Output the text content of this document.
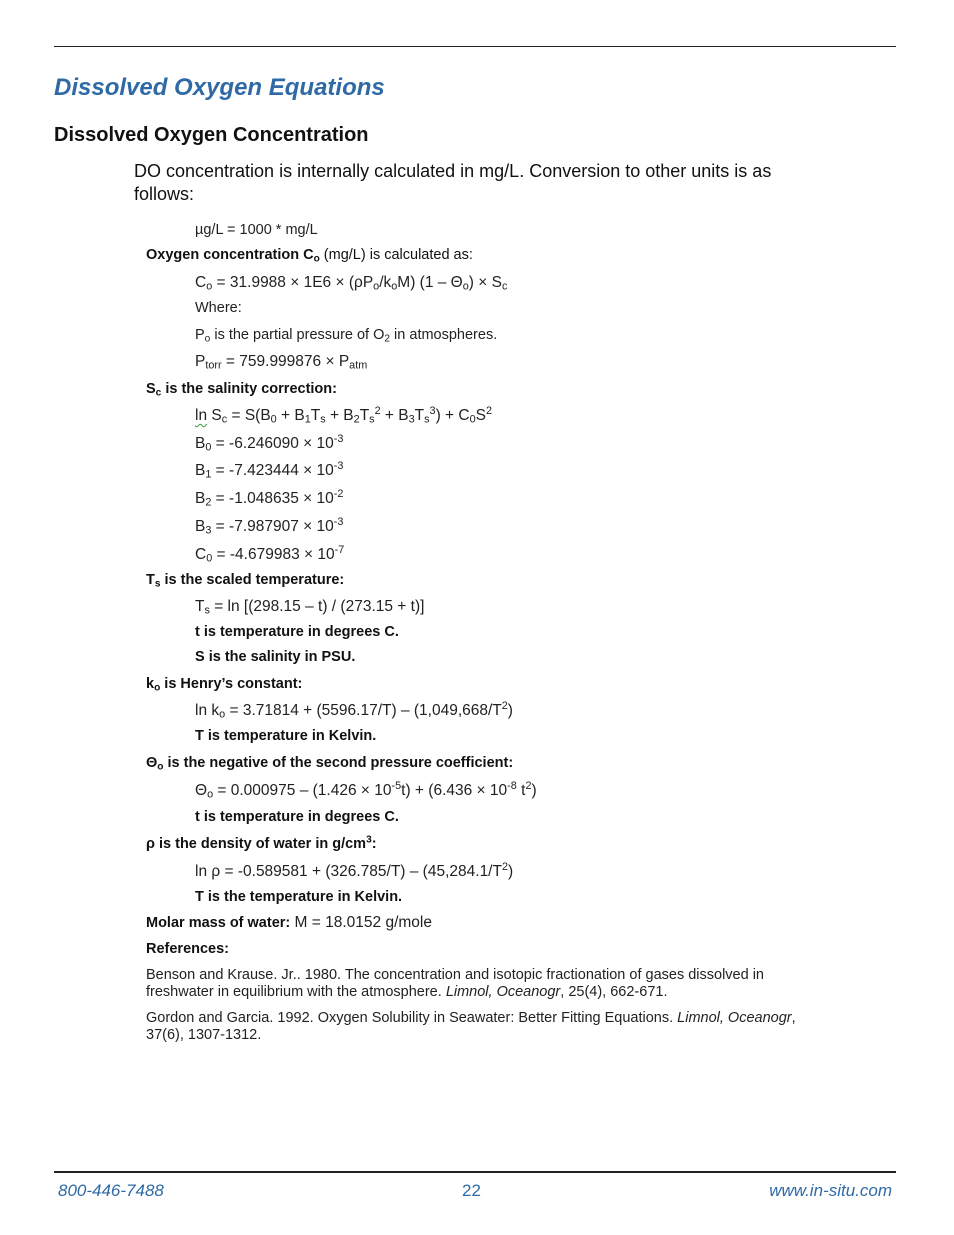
Dissolved Oxygen Equations
Dissolved Oxygen Concentration
DO concentration is internally calculated in mg/L. Conversion to other units is as follows:
µg/L = 1000 * mg/L
Oxygen concentration $C_o$ (mg/L) is calculated as:
$C_o = 31.9988 \times 1E6 \times (\rho P_o/k_oM)$ $(1 - \Theta_o) \times S_c$
Where:
$P_o$ is the partial pressure of $O_2$ in atmospheres.
$P_{torr} = 759.999876 \times P_{atm}$
$S_c$ is the salinity correction:
$\ln S_c = S(B_0 + B_1T_s + B_2T_s^2 + B_3T_s^3) + C_0S^2$
$B_0 = -6.246090 \times 10^{-3}$
$B_1 = -7.423444 \times 10^{-3}$
$B_2 = -1.048635 \times 10^{-2}$
$B_3 = -7.987907 \times 10^{-3}$
$C_0 = -4.679983 \times 10^{-7}$
$T_s$ is the scaled temperature:
$T_s = \ln [(298.15 - t) / (273.15 + t)]$
t is temperature in degrees C.
S is the salinity in PSU.
$k_o$ is Henry’s constant:
$\ln k_o = 3.71814 + (5596.17/T) - (1,049,668/T^2)$
T is temperature in Kelvin.
$\Theta_o$ is the negative of the second pressure coefficient:
$\Theta_o = 0.000975 - (1.426 \times 10^{-5}t) + (6.436 \times 10^{-8}$ $t^2$)
t is temperature in degrees C.
ρ is the density of water in $g/cm^3$:
$\ln \rho = -0.589581 + (326.785/T) - (45,284.1/T^2)$
T is the temperature in Kelvin.
Molar mass of water: M = 18.0152 g/mole
References:
Benson and Krause. Jr.. 1980. The concentration and isotopic fractionation of gases dissolved in freshwater in equilibrium with the atmosphere. Limnol, Oceanogr, 25(4), 662-671.
Gordon and Garcia. 1992. Oxygen Solubility in Seawater: Better Fitting Equations. Limnol, Oceanogr, 37(6), 1307-1312.
800-446-7488	22	www.in-situ.com
